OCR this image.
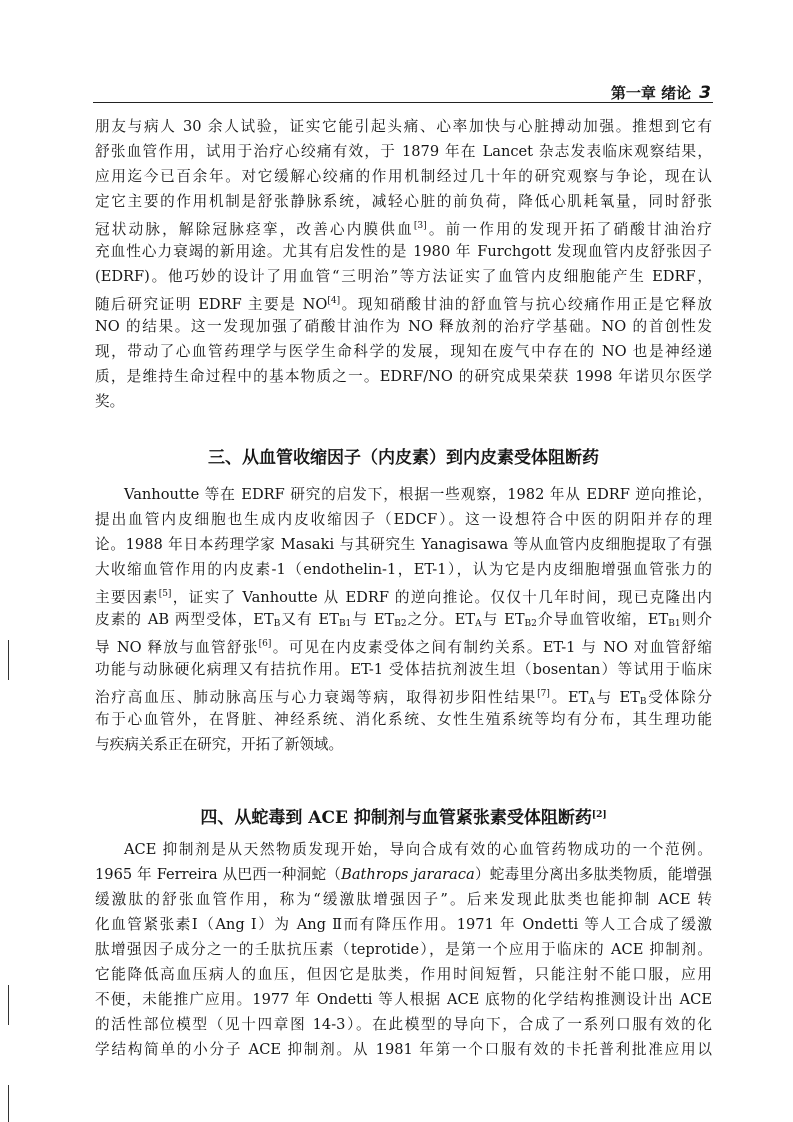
第一章 绪论 3
朋友与病人 30 余人试验，证实它能引起头痛、心率加快与心脏搏动加强。推想到它有
舒张血管作用，试用于治疗心绞痛有效，于 1879 年在 Lancet 杂志发表临床观察结果，
应用迄今已百余年。对它缓解心绞痛的作用机制经过几十年的研究观察与争论，现在认
定它主要的作用机制是舒张静脉系统，减轻心脏的前负荷，降低心肌耗氧量，同时舒张
冠状动脉，解除冠脉痉挛，改善心内膜供血[3]。前一作用的发现开拓了硝酸甘油治疗
充血性心力衰竭的新用途。尤其有启发性的是 1980 年 Furchgott 发现血管内皮舒张因子
(EDRF)。他巧妙的设计了用血管“三明治”等方法证实了血管内皮细胞能产生 EDRF，
随后研究证明 EDRF 主要是 NO[4]。现知硝酸甘油的舒血管与抗心绞痛作用正是它释放
NO 的结果。这一发现加强了硝酸甘油作为 NO 释放剂的治疗学基础。NO 的首创性发
现，带动了心血管药理学与医学生命科学的发展，现知在废气中存在的 NO 也是神经递
质，是维持生命过程中的基本物质之一。EDRF/NO 的研究成果荣获 1998 年诺贝尔医学
奖。
三、从血管收缩因子（内皮素）到内皮素受体阻断药
Vanhoutte 等在 EDRF 研究的启发下，根据一些观察，1982 年从 EDRF 逆向推论，
提出血管内皮细胞也生成内皮收缩因子（EDCF）。这一设想符合中医的阴阳并存的理
论。1988 年日本药理学家 Masaki 与其研究生 Yanagisawa 等从血管内皮细胞提取了有强
大收缩血管作用的内皮素-1（endothelin-1，ET-1），认为它是内皮细胞增强血管张力的
主要因素[5]，证实了 Vanhoutte 从 EDRF 的逆向推论。仅仅十几年时间，现已克隆出内
皮素的 AB 两型受体，$ET_B$又有 $ET_{B1}$与 $ET_{B2}$之分。$ET_A$与 $ET_{B2}$介导血管收缩，$ET_{B1}$则介
导 NO 释放与血管舒张[6]。可见在内皮素受体之间有制约关系。ET-1 与 NO 对血管舒缩
功能与动脉硬化病理又有拮抗作用。ET-1 受体拮抗剂波生坦（bosentan）等试用于临床
治疗高血压、肺动脉高压与心力衰竭等病，取得初步阳性结果[7]。$ET_A$与 $ET_B$受体除分
布于心血管外，在肾脏、神经系统、消化系统、女性生殖系统等均有分布，其生理功能
与疾病关系正在研究，开拓了新领域。
四、从蛇毒到 ACE 抑制剂与血管紧张素受体阻断药[2]
ACE 抑制剂是从天然物质发现开始，导向合成有效的心血管药物成功的一个范例。
1965 年 Ferreira 从巴西一种洞蛇（Bathrops jararaca）蛇毒里分离出多肽类物质，能增强
缓激肽的舒张血管作用，称为“缓激肽增强因子”。后来发现此肽类也能抑制 ACE 转
化血管紧张素Ⅰ（Ang Ⅰ）为 Ang Ⅱ而有降压作用。1971 年 Ondetti 等人工合成了缓激
肽增强因子成分之一的壬肽抗压素（teprotide），是第一个应用于临床的 ACE 抑制剂。
它能降低高血压病人的血压，但因它是肽类，作用时间短暂，只能注射不能口服，应用
不便，未能推广应用。1977 年 Ondetti 等人根据 ACE 底物的化学结构推测设计出 ACE
的活性部位模型（见十四章图 14-3）。在此模型的导向下，合成了一系列口服有效的化
学结构简单的小分子 ACE 抑制剂。从 1981 年第一个口服有效的卡托普利批准应用以
